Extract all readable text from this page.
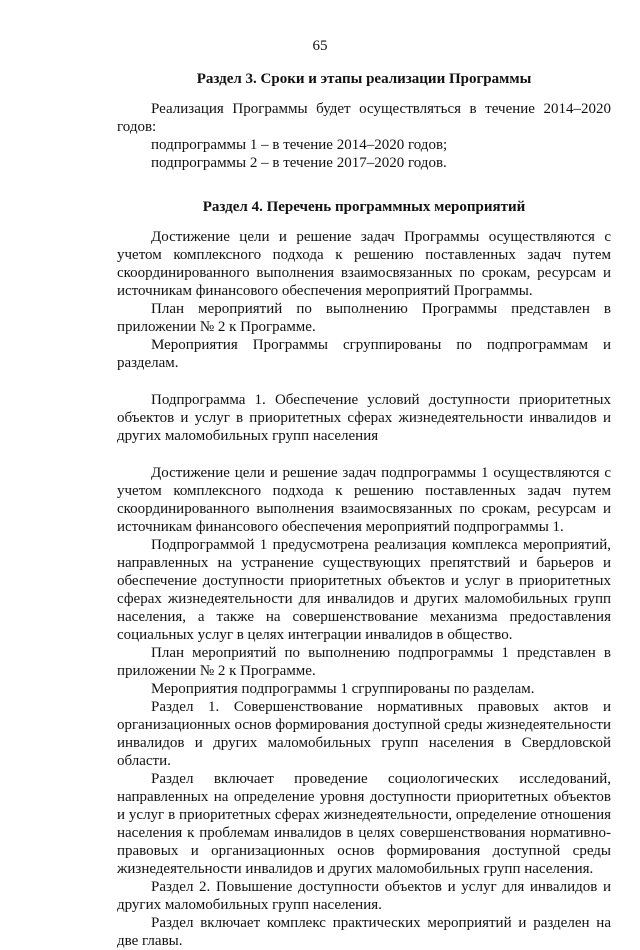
65
Раздел 3. Сроки и этапы реализации Программы

Реализация Программы будет осуществляться в течение 2014–2020 годов:

подпрограммы 1 – в течение 2014–2020 годов;

подпрограммы 2 – в течение 2017–2020 годов.

Раздел 4. Перечень программных мероприятий

Достижение цели и решение задач Программы осуществляются с учетом комплексного подхода к решению поставленных задач путем скоординированного выполнения взаимосвязанных по срокам, ресурсам и источникам финансового обеспечения мероприятий Программы.

План мероприятий по выполнению Программы представлен в приложении № 2 к Программе.

Мероприятия Программы сгруппированы по подпрограммам и разделам.

Подпрограмма 1. Обеспечение условий доступности приоритетных объектов и услуг в приоритетных сферах жизнедеятельности инвалидов и других маломобильных групп населения

Достижение цели и решение задач подпрограммы 1 осуществляются с учетом комплексного подхода к решению поставленных задач путем скоординированного выполнения взаимосвязанных по срокам, ресурсам и источникам финансового обеспечения мероприятий подпрограммы 1.

Подпрограммой 1 предусмотрена реализация комплекса мероприятий, направленных на устранение существующих препятствий и барьеров и обеспечение доступности приоритетных объектов и услуг в приоритетных сферах жизнедеятельности для инвалидов и других маломобильных групп населения, а также на совершенствование механизма предоставления социальных услуг в целях интеграции инвалидов в общество.

План мероприятий по выполнению подпрограммы 1 представлен в приложении № 2 к Программе.

Мероприятия подпрограммы 1 сгруппированы по разделам.

Раздел 1. Совершенствование нормативных правовых актов и организационных основ формирования доступной среды жизнедеятельности инвалидов и других маломобильных групп населения в Свердловской области.

Раздел включает проведение социологических исследований, направленных на определение уровня доступности приоритетных объектов и услуг в приоритетных сферах жизнедеятельности, определение отношения населения к проблемам инвалидов в целях совершенствования нормативно-правовых и организационных основ формирования доступной среды жизнедеятельности инвалидов и других маломобильных групп населения.

Раздел 2. Повышение доступности объектов и услуг для инвалидов и других маломобильных групп населения.

Раздел включает комплекс практических мероприятий и разделен на две главы.
